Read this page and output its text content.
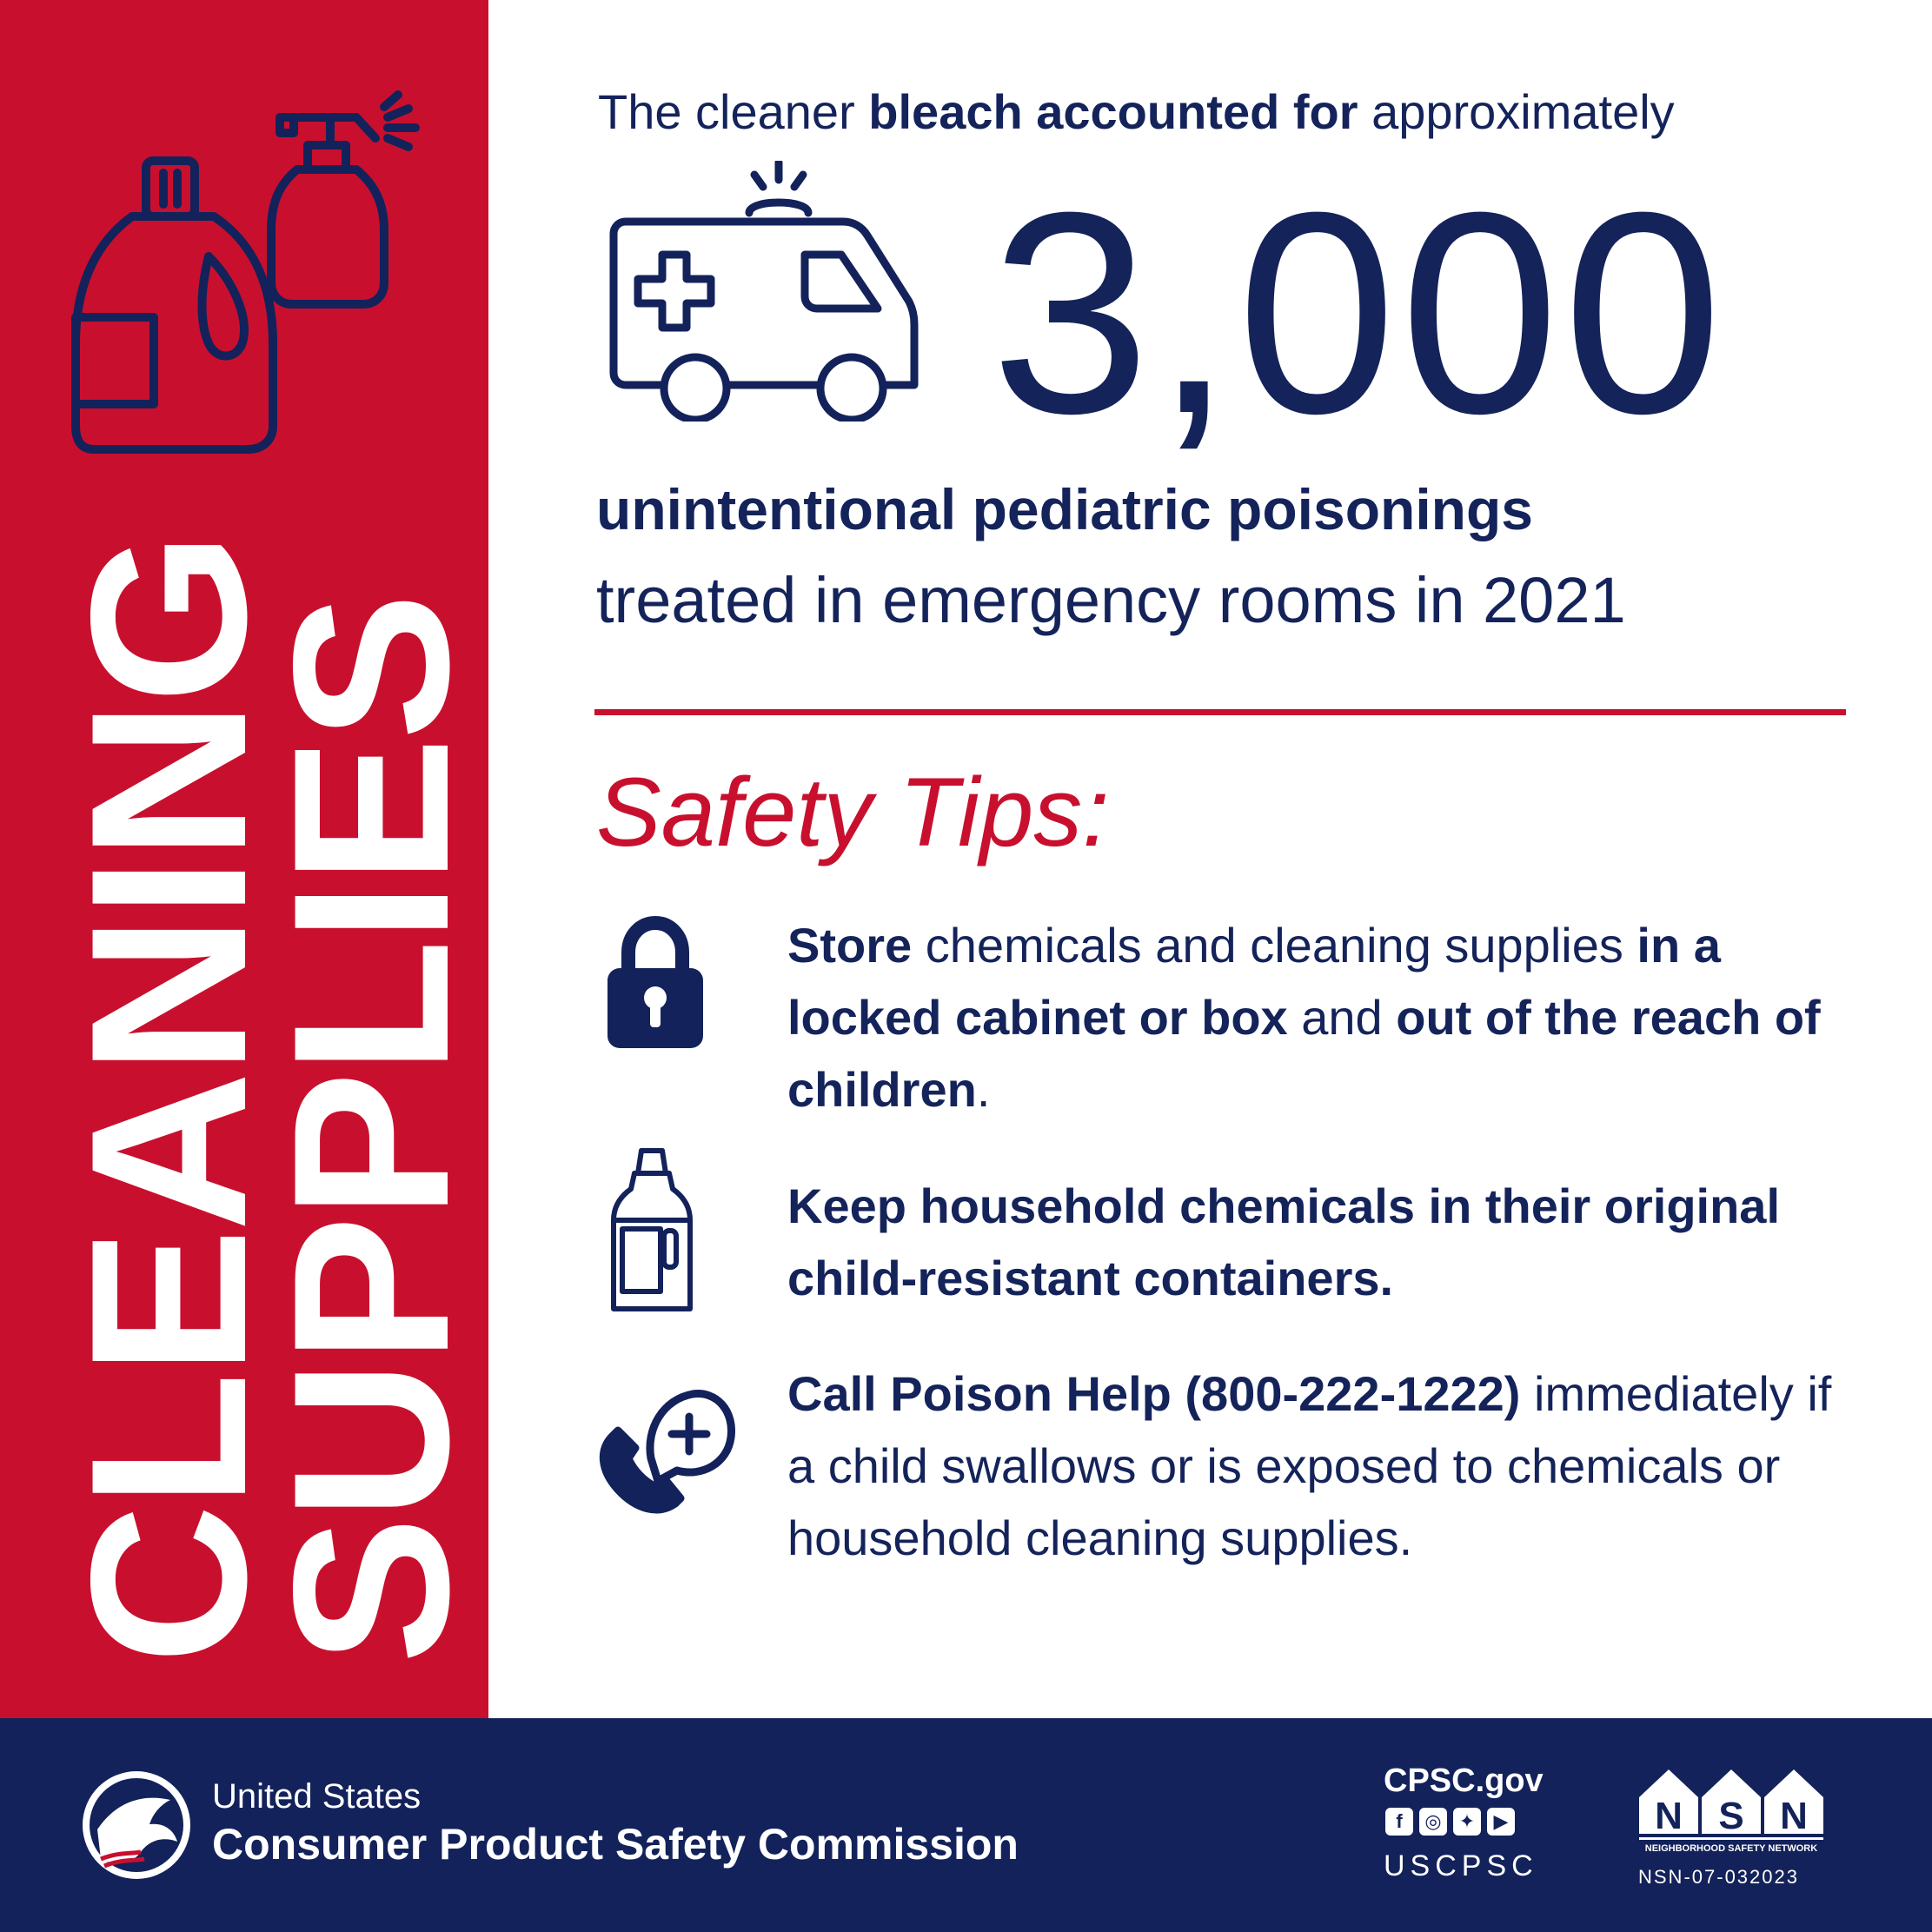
CLEANING
SUPPLIES
The cleaner bleach accounted for approximately
3,000
unintentional pediatric poisonings
treated in emergency rooms in 2021
Safety Tips:
Store chemicals and cleaning supplies in a locked cabinet or box and out of the reach of children.
Keep household chemicals in their original child-resistant containers.
Call Poison Help (800-222-1222) immediately if a child swallows or is exposed to chemicals or household cleaning supplies.
United States
Consumer Product Safety Commission
CPSC.gov
f	◎ ✦ ▶
USCPSC
N S N
NEIGHBORHOOD SAFETY NETWORK
NSN-07-032023
